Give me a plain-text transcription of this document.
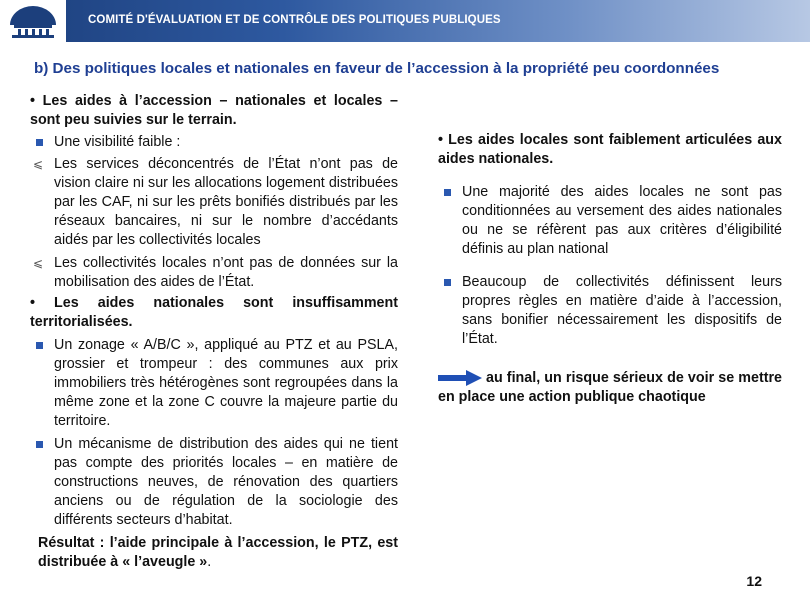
COMITÉ D'ÉVALUATION ET DE CONTRÔLE DES POLITIQUES PUBLIQUES
b) Des politiques locales et nationales en faveur de l’accession à la propriété peu coordonnées

• Les aides à l’accession – nationales et locales – sont peu suivies sur le terrain.

Une visibilité faible :

⩽ Les services déconcentrés de l’État n’ont pas de vision claire ni sur les allocations logement distribuées par les CAF, ni sur les prêts bonifiés distribués par les réseaux bancaires, ni sur le nombre d’accédants aidés par les collectivités locales

⩽ Les collectivités locales n’ont pas de données sur la mobilisation des aides de l’État.

• Les aides nationales sont insuffisamment territorialisées.

Un zonage « A/B/C », appliqué au PTZ et au PSLA, grossier et trompeur : des communes aux prix immobiliers très hétérogènes sont regroupées dans la même zone et la zone C couvre la majeure partie du territoire.

Un mécanisme de distribution des aides qui ne tient pas compte des priorités locales – en matière de constructions neuves, de rénovation des quartiers anciens ou de régulation de la sociologie des différents secteurs d’habitat.

Résultat : l’aide principale à l’accession, le PTZ, est distribuée à « l’aveugle ».

• Les aides locales sont faiblement articulées aux aides nationales.

Une majorité des aides locales ne sont pas conditionnées au versement des aides nationales ou ne se réfèrent pas aux critères d’éligibilité définis au plan national

Beaucoup de collectivités définissent leurs propres règles en matière d’aide à l’accession, sans bonifier nécessairement les dispositifs de l’État.

au final, un risque sérieux de voir se mettre en place une action publique chaotique

12
